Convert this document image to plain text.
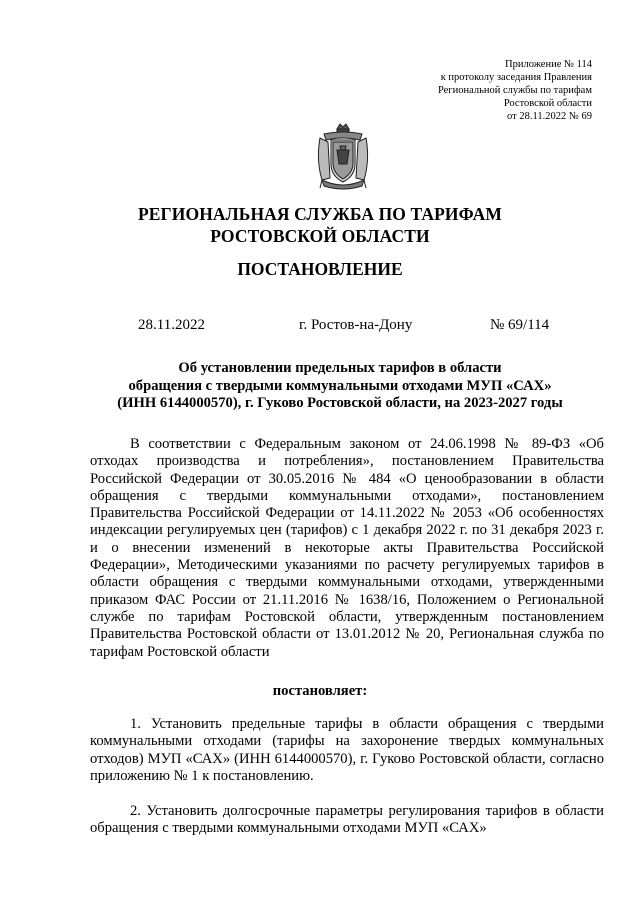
Приложение № 114
к протоколу заседания Правления
Региональной службы по тарифам
Ростовской области
от 28.11.2022 № 69
РЕГИОНАЛЬНАЯ СЛУЖБА ПО ТАРИФАМ
РОСТОВСКОЙ ОБЛАСТИ
ПОСТАНОВЛЕНИЕ
28.11.2022	г. Ростов-на-Дону	№ 69/114
Об установлении предельных тарифов в области
обращения с твердыми коммунальными отходами МУП «САХ»
(ИНН 6144000570), г. Гуково Ростовской области, на 2023-2027 годы
В соответствии с Федеральным законом от 24.06.1998 № 89-ФЗ «Об отходах производства и потребления», постановлением Правительства Российской Федерации от 30.05.2016 № 484 «О ценообразовании в области обращения с твердыми коммунальными отходами», постановлением Правительства Российской Федерации от 14.11.2022 № 2053 «Об особенностях индексации регулируемых цен (тарифов) с 1 декабря 2022 г. по 31 декабря 2023 г. и о внесении изменений в некоторые акты Правительства Российской Федерации», Методическими указаниями по расчету регулируемых тарифов в области обращения с твердыми коммунальными отходами, утвержденными приказом ФАС России от 21.11.2016 № 1638/16, Положением о Региональной службе по тарифам Ростовской области, утвержденным постановлением Правительства Ростовской области от 13.01.2012 № 20, Региональная служба по тарифам Ростовской области
постановляет:
1. Установить предельные тарифы в области обращения с твердыми коммунальными отходами (тарифы на захоронение твердых коммунальных отходов) МУП «САХ» (ИНН 6144000570), г. Гуково Ростовской области, согласно приложению № 1 к постановлению.
2. Установить долгосрочные параметры регулирования тарифов в области обращения с твердыми коммунальными отходами МУП «САХ»
